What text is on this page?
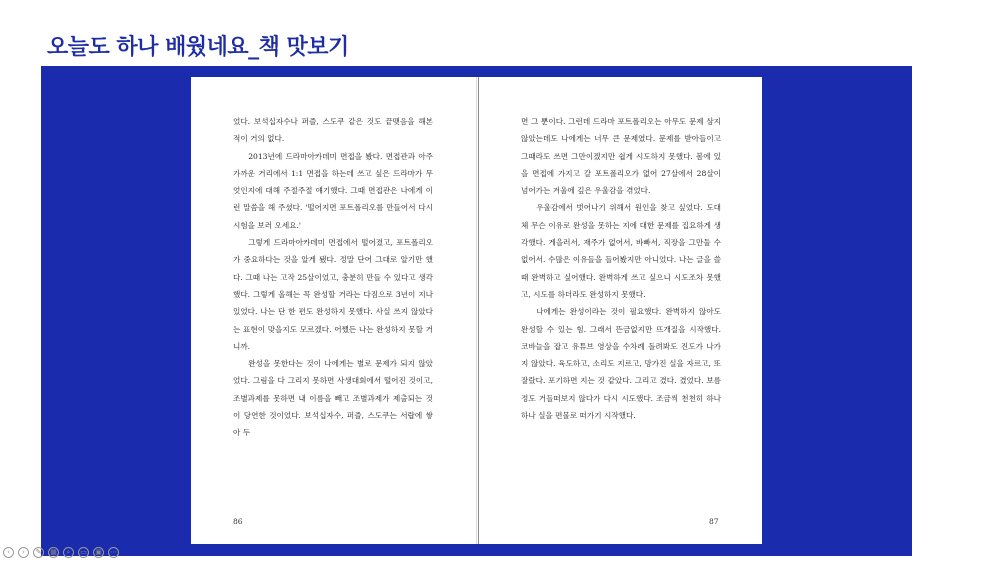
오늘도 하나 배웠네요_책 맛보기

었다. 보석십자수나 퍼즐, 스도쿠 같은 것도 끝맺음을 해본 적이 거의 없다.

2013년에 드라마아카데미 면접을 봤다. 면접관과 아주 가까운 거리에서 1:1 면접을 하는데 쓰고 싶은 드라마가 무엇인지에 대해 주절주절 얘기했다. 그때 면접관은 나에게 이런 말씀을 해 주셨다. '떨어지면 포트폴리오를 만들어서 다시 시험을 보러 오세요.'

그렇게 드라마아카데미 면접에서 떨어졌고, 포트폴리오가 중요하다는 것을 알게 됐다. 정말 단어 그대로 알기만 했다. 그때 나는 고작 25살이었고, 충분히 만들 수 있다고 생각했다. 그렇게 올해는 꼭 완성할 거라는 다짐으로 3년이 지나 있었다. 나는 단 한 편도 완성하지 못했다. 사실 쓰지 않았다는 표현이 맞을지도 모르겠다. 어쨌든 나는 완성하지 못할 거니까.

완성을 못한다는 것이 나에게는 별로 문제가 되지 않았었다. 그림을 다 그리지 못하면 사생대회에서 떨어진 것이고, 조별과제를 못하면 내 이름을 빼고 조별과제가 제출되는 것이 당연한 것이었다. 보석십자수, 퍼즐, 스도쿠는 서랍에 쌓아 두

86

면 그 뿐이다. 그런데 드라마 포트폴리오는 아무도 문제 삼지 않았는데도 나에게는 너무 큰 문제였다. 문제를 받아들이고 그때라도 쓰면 그만이겠지만 쉽게 시도하지 못했다. 봄에 있을 면접에 가지고 갈 포트폴리오가 없어 27살에서 28살이 넘어가는 겨울에 깊은 우울감을 겪었다.

우울감에서 벗어나기 위해서 원인을 찾고 싶었다. 도대체 무슨 이유로 완성을 못하는 지에 대한 문제를 집요하게 생각했다. 게을러서, 재주가 없어서, 바빠서, 직장을 그만둘 수 없어서. 수많은 이유들을 들어봤지만 아니었다. 나는 글을 쓸 때 완벽하고 싶어했다. 완벽하게 쓰고 싶으니 시도조차 못했고, 시도를 하더라도 완성하지 못했다.

나에게는 완성이라는 것이 필요했다. 완벽하지 않아도 완성할 수 있는 힘. 그래서 뜬금없지만 뜨개질을 시작했다. 코바늘을 잡고 유튜브 영상을 수차례 돌려봐도 진도가 나가지 않았다. 육도하고, 소리도 지르고, 망가진 실을 자르고, 또 잘랐다. 포기하면 지는 것 같았다. 그리고 겼다. 겼었다. 보름 정도 거들떠보지 않다가 다시 시도했다. 조금씩 천천히 하나하나 실을 편물로 떠가기 시작했다.

87
‹	›	✎	▦	⌕	▭	▣	⋯
